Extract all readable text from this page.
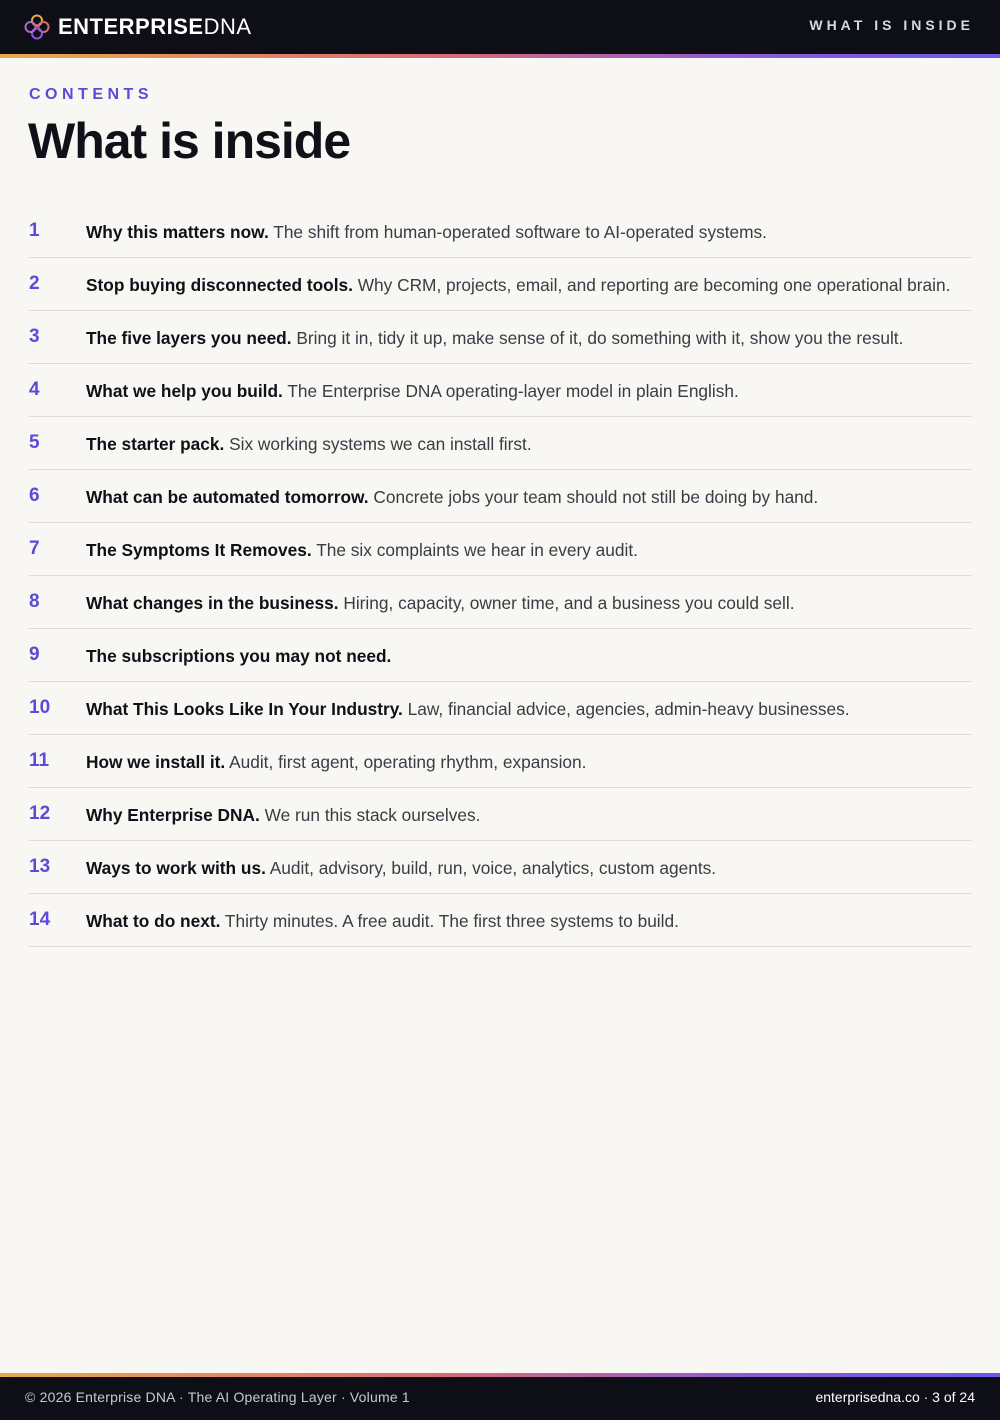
ENTERPRISEDNA	WHAT IS INSIDE
CONTENTS
What is inside
1	Why this matters now. The shift from human-operated software to AI-operated systems.
2	Stop buying disconnected tools. Why CRM, projects, email, and reporting are becoming one operational brain.
3	The five layers you need. Bring it in, tidy it up, make sense of it, do something with it, show you the result.
4	What we help you build. The Enterprise DNA operating-layer model in plain English.
5	The starter pack. Six working systems we can install first.
6	What can be automated tomorrow. Concrete jobs your team should not still be doing by hand.
7	The Symptoms It Removes. The six complaints we hear in every audit.
8	What changes in the business. Hiring, capacity, owner time, and a business you could sell.
9	The subscriptions you may not need.
10	What This Looks Like In Your Industry. Law, financial advice, agencies, admin-heavy businesses.
11	How we install it. Audit, first agent, operating rhythm, expansion.
12	Why Enterprise DNA. We run this stack ourselves.
13	Ways to work with us. Audit, advisory, build, run, voice, analytics, custom agents.
14	What to do next. Thirty minutes. A free audit. The first three systems to build.
© 2026 Enterprise DNA · The AI Operating Layer · Volume 1	enterprisedna.co · 3 of 24
